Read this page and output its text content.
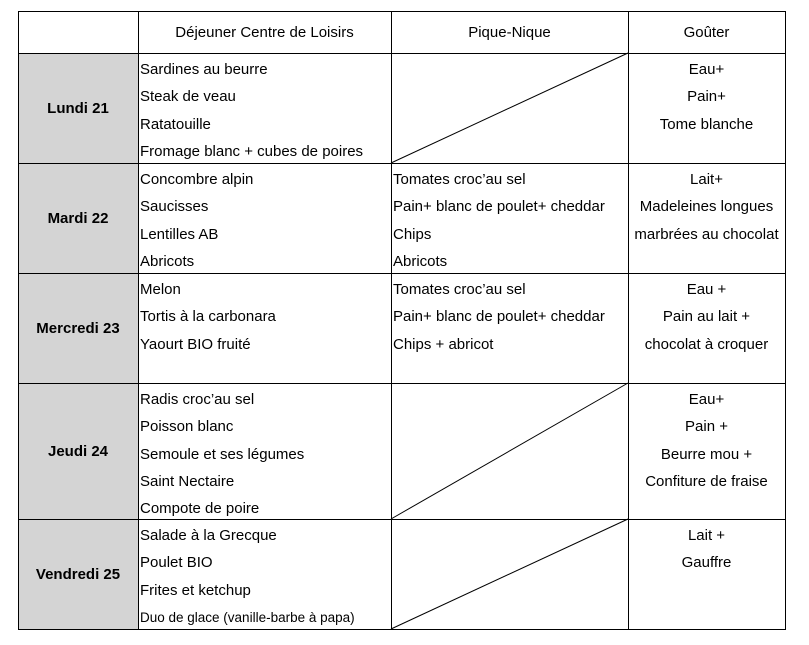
Déjeuner Centre de Loisirs	Pique-Nique	Goûter
Lundi 21
Sardines au beurre
Steak de veau
Ratatouille
Fromage blanc + cubes de poires
Eau+
Pain+
Tome blanche
Mardi 22
Concombre alpin
Saucisses
Lentilles AB
Abricots
Tomates croc’au sel
Pain+ blanc de poulet+ cheddar
Chips
Abricots
Lait+
Madeleines longues
marbrées au chocolat
Mercredi 23
Melon
Tortis à la carbonara
Yaourt BIO fruité
Tomates croc’au sel
Pain+ blanc de poulet+ cheddar
Chips + abricot
Eau +
Pain au lait +
chocolat à croquer
Jeudi 24
Radis croc’au sel
Poisson blanc
Semoule et ses légumes
Saint Nectaire
Compote de poire
Eau+
Pain +
Beurre mou +
Confiture de fraise
Vendredi 25
Salade à la Grecque
Poulet BIO
Frites et ketchup
Duo de glace (vanille-barbe à papa)
Lait +
Gauffre
